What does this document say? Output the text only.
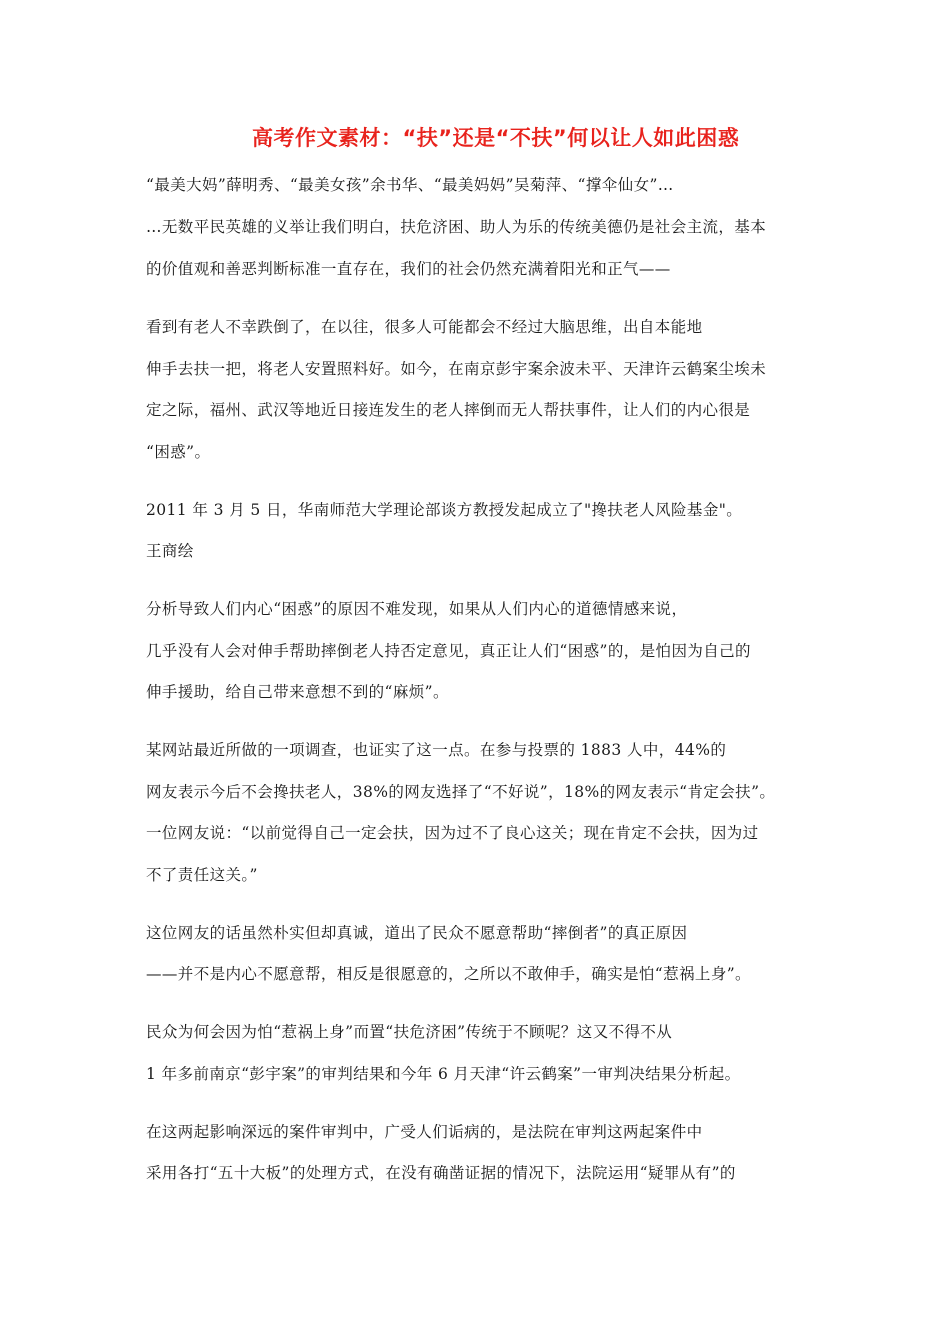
高考作文素材：“扶”还是“不扶”何以让人如此困惑
“最美大妈”薛明秀、“最美女孩”余书华、“最美妈妈”吴菊萍、“撑伞仙女”…
…无数平民英雄的义举让我们明白，扶危济困、助人为乐的传统美德仍是社会主流，基本
的价值观和善恶判断标准一直存在，我们的社会仍然充满着阳光和正气——
看到有老人不幸跌倒了，在以往，很多人可能都会不经过大脑思维，出自本能地
伸手去扶一把，将老人安置照料好。如今，在南京彭宇案余波未平、天津许云鹤案尘埃未
定之际，福州、武汉等地近日接连发生的老人摔倒而无人帮扶事件，让人们的内心很是
“困惑”。
2011 年 3 月 5 日，华南师范大学理论部谈方教授发起成立了"搀扶老人风险基金"。
王商绘
分析导致人们内心“困惑”的原因不难发现，如果从人们内心的道德情感来说，
几乎没有人会对伸手帮助摔倒老人持否定意见，真正让人们“困惑”的，是怕因为自己的
伸手援助，给自己带来意想不到的“麻烦”。
某网站最近所做的一项调查，也证实了这一点。在参与投票的 1883 人中，44%的
网友表示今后不会搀扶老人，38%的网友选择了“不好说”，18%的网友表示“肯定会扶”。
一位网友说：“以前觉得自己一定会扶，因为过不了良心这关；现在肯定不会扶，因为过
不了责任这关。”
这位网友的话虽然朴实但却真诚，道出了民众不愿意帮助“摔倒者”的真正原因
——并不是内心不愿意帮，相反是很愿意的，之所以不敢伸手，确实是怕“惹祸上身”。
民众为何会因为怕“惹祸上身”而置“扶危济困”传统于不顾呢？这又不得不从
1 年多前南京“彭宇案”的审判结果和今年 6 月天津“许云鹤案”一审判决结果分析起。
在这两起影响深远的案件审判中，广受人们诟病的，是法院在审判这两起案件中
采用各打“五十大板”的处理方式，在没有确凿证据的情况下，法院运用“疑罪从有”的
